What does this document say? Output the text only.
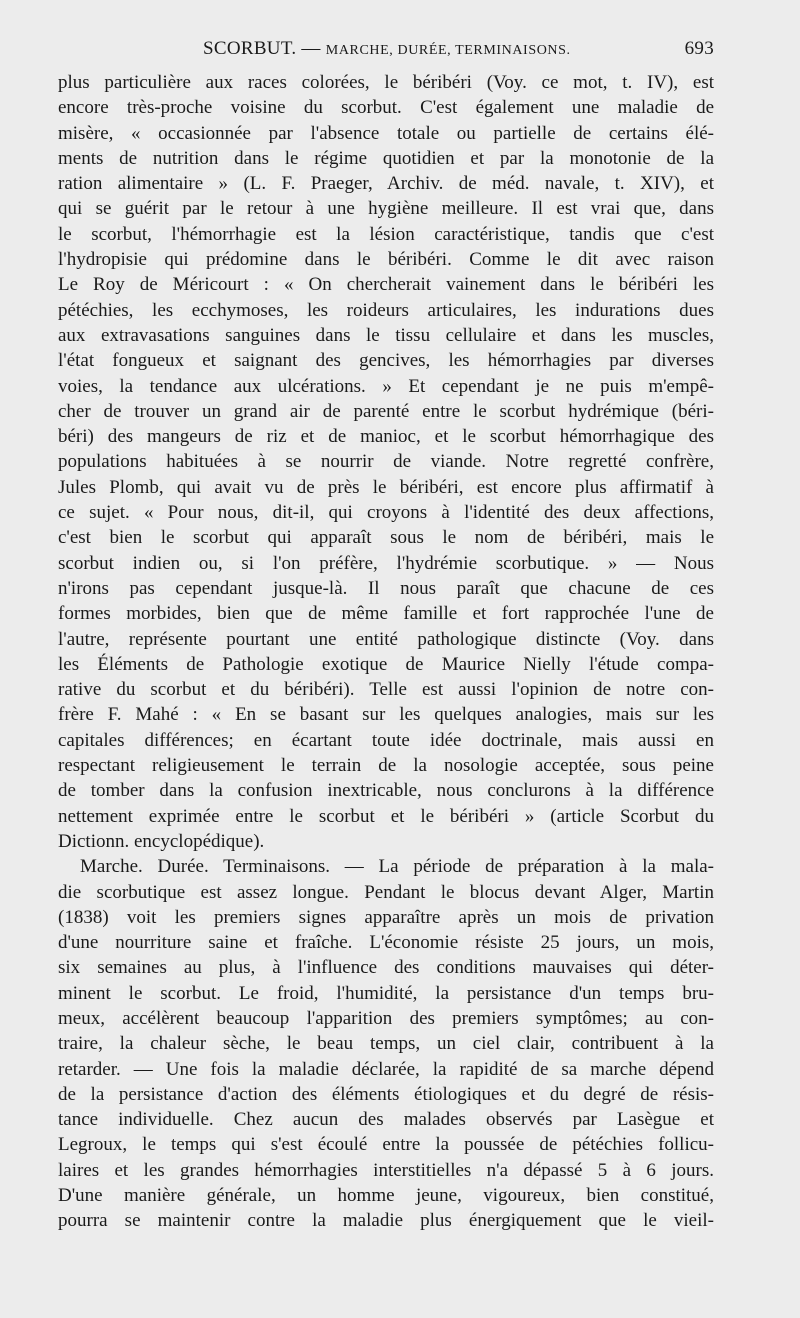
SCORBUT. — MARCHE, DURÉE, TERMINAISONS.	693
plus particulière aux races colorées, le béribéri (Voy. ce mot, t. IV), est
encore très-proche voisine du scorbut. C'est également une maladie de
misère, « occasionnée par l'absence totale ou partielle de certains élé-
ments de nutrition dans le régime quotidien et par la monotonie de la
ration alimentaire » (L. F. Praeger, Archiv. de méd. navale, t. XIV), et
qui se guérit par le retour à une hygiène meilleure. Il est vrai que, dans
le scorbut, l'hémorrhagie est la lésion caractéristique, tandis que c'est
l'hydropisie qui prédomine dans le béribéri. Comme le dit avec raison
Le Roy de Méricourt : « On chercherait vainement dans le béribéri les
pétéchies, les ecchymoses, les roideurs articulaires, les indurations dues
aux extravasations sanguines dans le tissu cellulaire et dans les muscles,
l'état fongueux et saignant des gencives, les hémorrhagies par diverses
voies, la tendance aux ulcérations. » Et cependant je ne puis m'empê-
cher de trouver un grand air de parenté entre le scorbut hydrémique (béri-
béri) des mangeurs de riz et de manioc, et le scorbut hémorrhagique des
populations habituées à se nourrir de viande. Notre regretté confrère,
Jules Plomb, qui avait vu de près le béribéri, est encore plus affirmatif à
ce sujet. « Pour nous, dit-il, qui croyons à l'identité des deux affections,
c'est bien le scorbut qui apparaît sous le nom de béribéri, mais le
scorbut indien ou, si l'on préfère, l'hydrémie scorbutique. » — Nous
n'irons pas cependant jusque-là. Il nous paraît que chacune de ces
formes morbides, bien que de même famille et fort rapprochée l'une de
l'autre, représente pourtant une entité pathologique distincte (Voy. dans
les Éléments de Pathologie exotique de Maurice Nielly l'étude compa-
rative du scorbut et du béribéri). Telle est aussi l'opinion de notre con-
frère F. Mahé : « En se basant sur les quelques analogies, mais sur les
capitales différences; en écartant toute idée doctrinale, mais aussi en
respectant religieusement le terrain de la nosologie acceptée, sous peine
de tomber dans la confusion inextricable, nous conclurons à la différence
nettement exprimée entre le scorbut et le béribéri » (article Scorbut du
Dictionn. encyclopédique).
Marche. Durée. Terminaisons. — La période de préparation à la mala-
die scorbutique est assez longue. Pendant le blocus devant Alger, Martin
(1838) voit les premiers signes apparaître après un mois de privation
d'une nourriture saine et fraîche. L'économie résiste 25 jours, un mois,
six semaines au plus, à l'influence des conditions mauvaises qui déter-
minent le scorbut. Le froid, l'humidité, la persistance d'un temps bru-
meux, accélèrent beaucoup l'apparition des premiers symptômes; au con-
traire, la chaleur sèche, le beau temps, un ciel clair, contribuent à la
retarder. — Une fois la maladie déclarée, la rapidité de sa marche dépend
de la persistance d'action des éléments étiologiques et du degré de résis-
tance individuelle. Chez aucun des malades observés par Lasègue et
Legroux, le temps qui s'est écoulé entre la poussée de pétéchies follicu-
laires et les grandes hémorrhagies interstitielles n'a dépassé 5 à 6 jours.
D'une manière générale, un homme jeune, vigoureux, bien constitué,
pourra se maintenir contre la maladie plus énergiquement que le vieil-
